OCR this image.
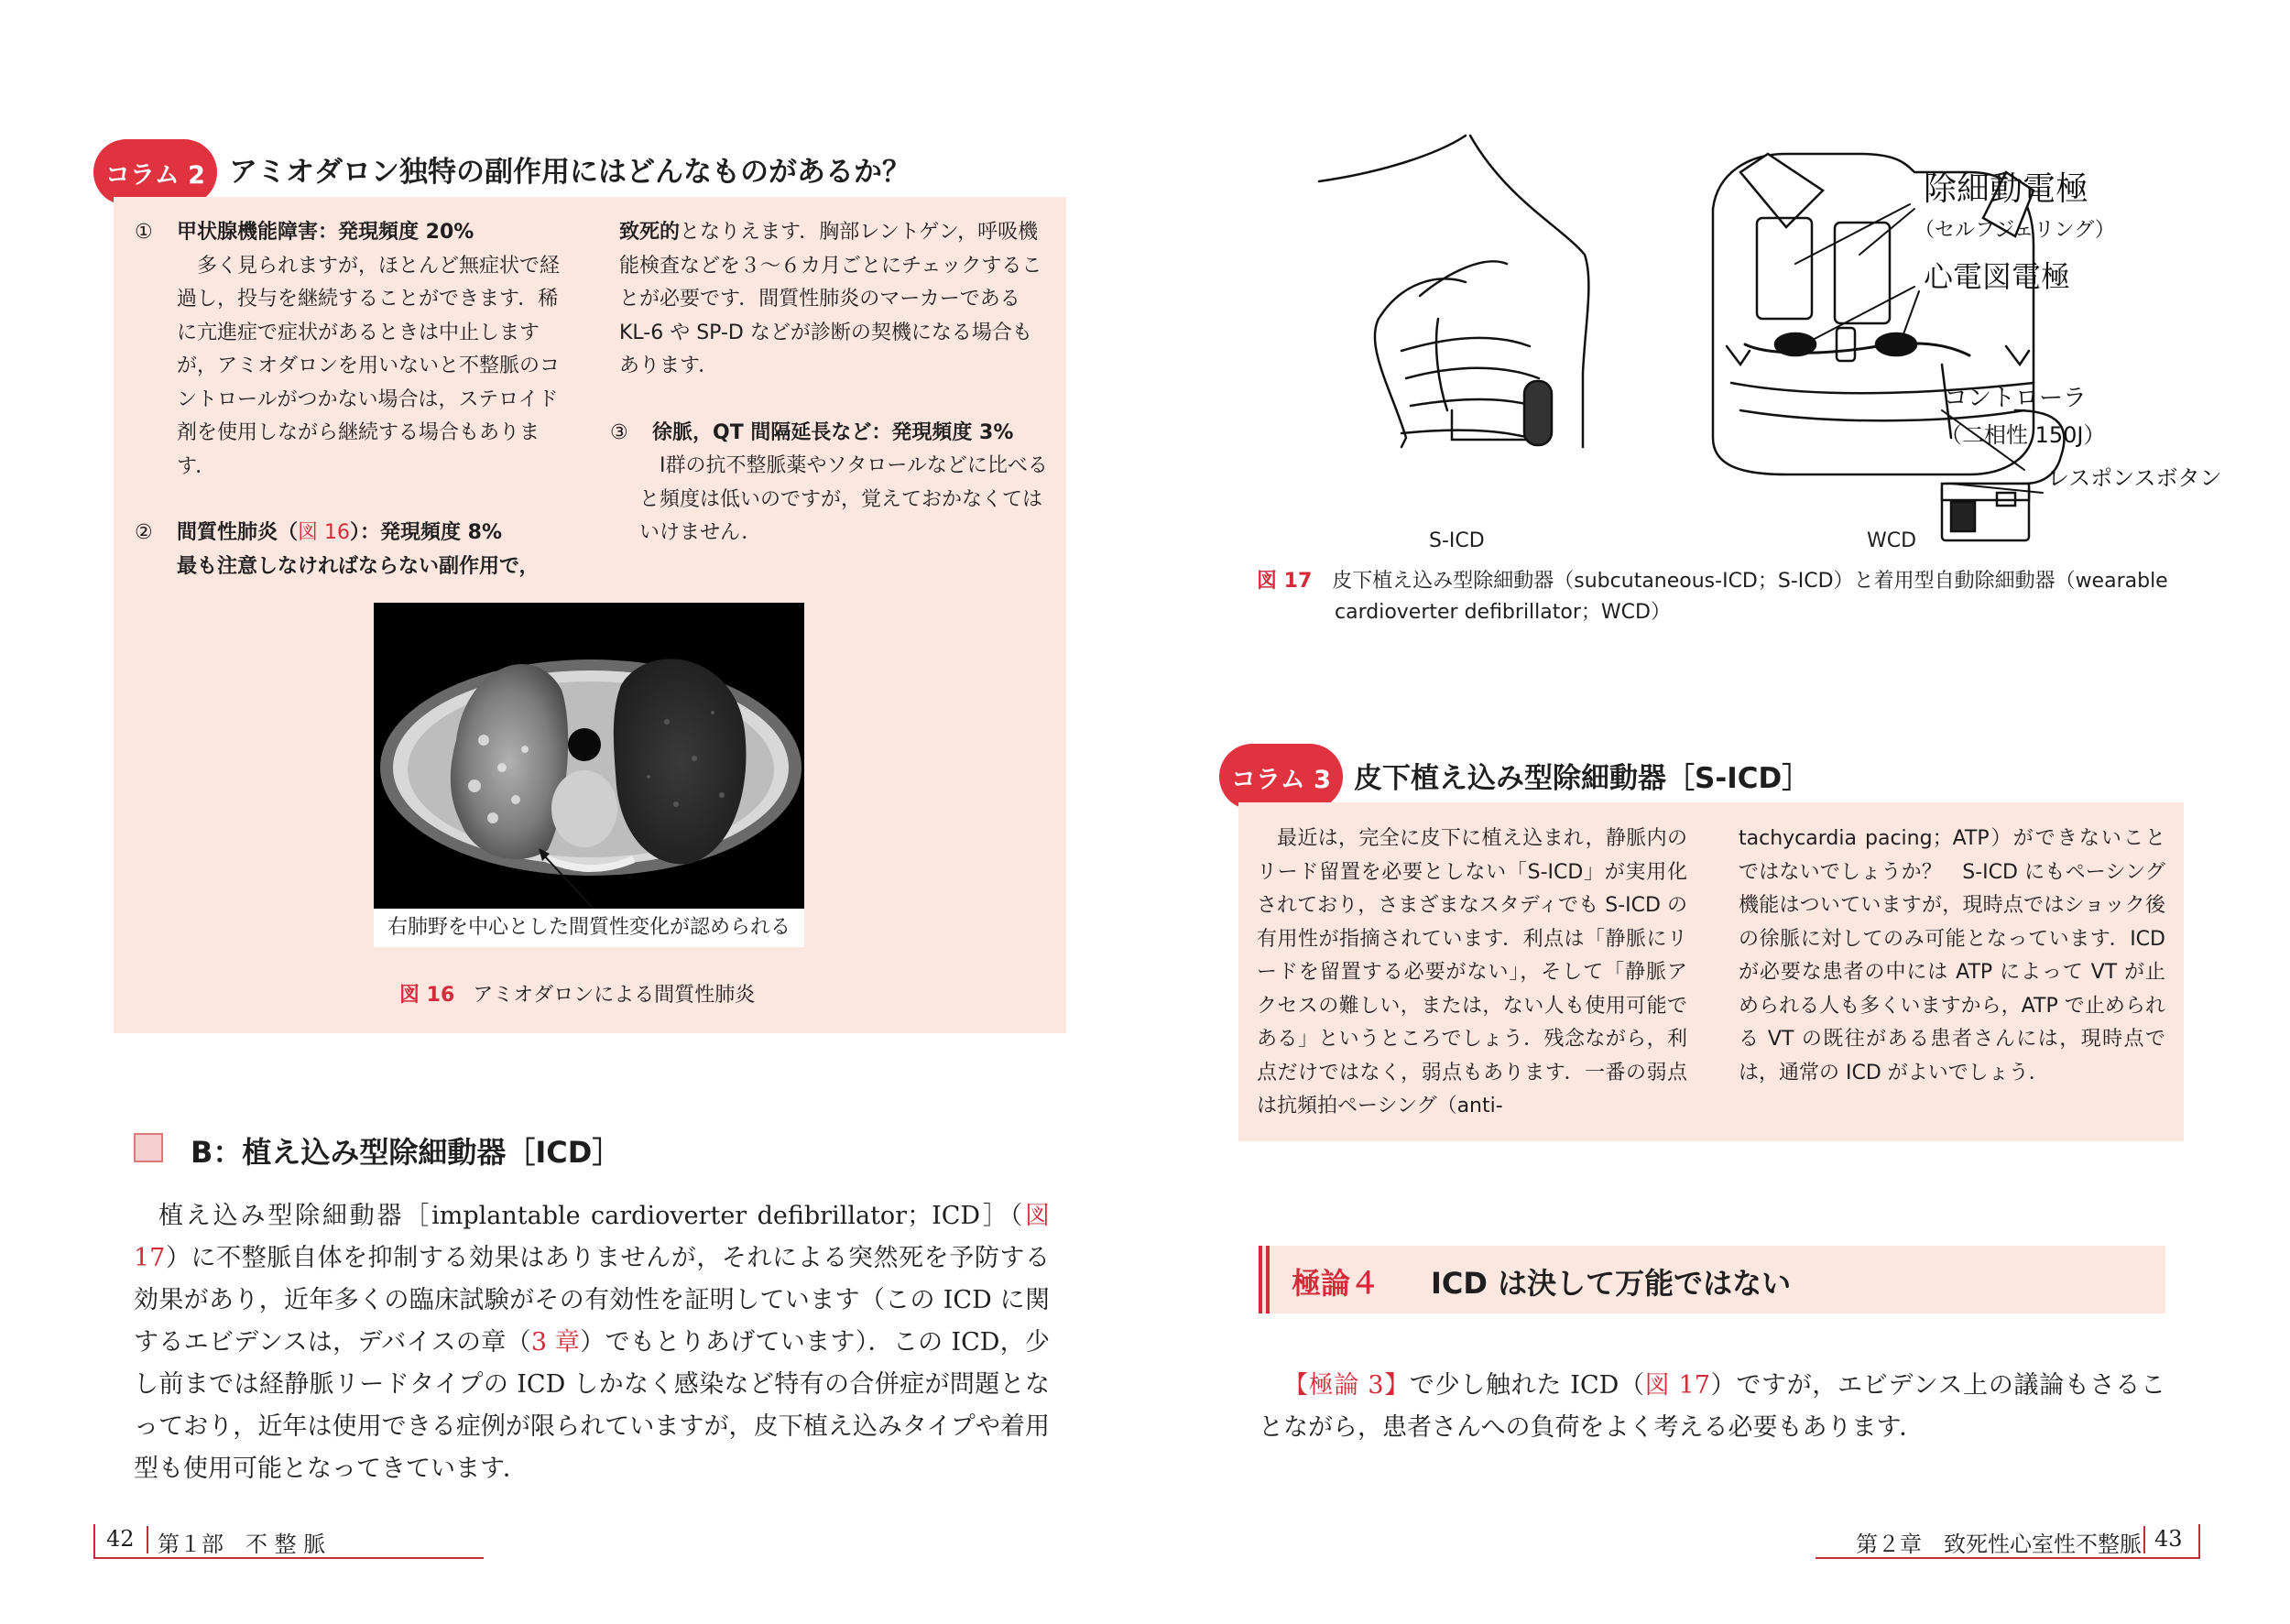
コラム 2 アミオダロン独特の副作用にはどんなものがあるか？

① 甲状腺機能障害：発現頻度 20%

多く見られますが，ほとんど無症状で経過し，投与を継続することができます．稀に亢進症で症状があるときは中止しますが，アミオダロンを用いないと不整脈のコントロールがつかない場合は，ステロイド剤を使用しながら継続する場合もあります．

② 間質性肺炎（図 16）：発現頻度 8%

最も注意しなければならない副作用で，

致死的となりえます．胸部レントゲン，呼吸機能検査などを３〜６カ月ごとにチェックすることが必要です．間質性肺炎のマーカーである KL-6 や SP-D などが診断の契機になる場合もあります．

③ 徐脈，QT 間隔延長など：発現頻度 3%

Ⅰ群の抗不整脈薬やソタロールなどに比べると頻度は低いのですが，覚えておかなくてはいけません．

右肺野を中心とした間質性変化が認められる
図 16 アミオダロンによる間質性肺炎
B：植え込み型除細動器［ICD］

植え込み型除細動器［implantable cardioverter defibrillator；ICD］（図 17）に不整脈自体を抑制する効果はありませんが，それによる突然死を予防する効果があり，近年多くの臨床試験がその有効性を証明しています（この ICD に関するエビデンスは，デバイスの章（3 章）でもとりあげています）．この ICD，少し前までは経静脈リードタイプの ICD しかなく感染など特有の合併症が問題となっており，近年は使用できる症例が限られていますが，皮下植え込みタイプや着用型も使用可能となってきています．

42 第１部　不 整 脈
除細動電極
（セルフジェリング）
心電図電極
コントローラ
（二相性 150J）
レスポンスボタン
S-ICD	WCD
図 17 皮下植え込み型除細動器（subcutaneous-ICD；S-ICD）と着用型自動除細動器（wearable
cardioverter defibrillator；WCD）
コラム 3 皮下植え込み型除細動器［S-ICD］

最近は，完全に皮下に植え込まれ，静脈内のリード留置を必要としない「S-ICD」が実用化されており，さまざまなスタディでも S-ICD の有用性が指摘されています．利点は「静脈にリードを留置する必要がない」，そして「静脈アクセスの難しい，または，ない人も使用可能である」というところでしょう．残念ながら，利点だけではなく，弱点もあります．一番の弱点は抗頻拍ペーシング（anti-

tachycardia pacing；ATP）ができないことではないでしょうか？　S-ICD にもペーシング機能はついていますが，現時点ではショック後の徐脈に対してのみ可能となっています．ICD が必要な患者の中には ATP によって VT が止められる人も多くいますから，ATP で止められる VT の既往がある患者さんには，現時点では，通常の ICD がよいでしょう．

極論４ ICD は決して万能ではない

【極論 3】で少し触れた ICD（図 17）ですが，エビデンス上の議論もさることながら，患者さんへの負荷をよく考える必要もあります．

第２章　致死性心室性不整脈 43
